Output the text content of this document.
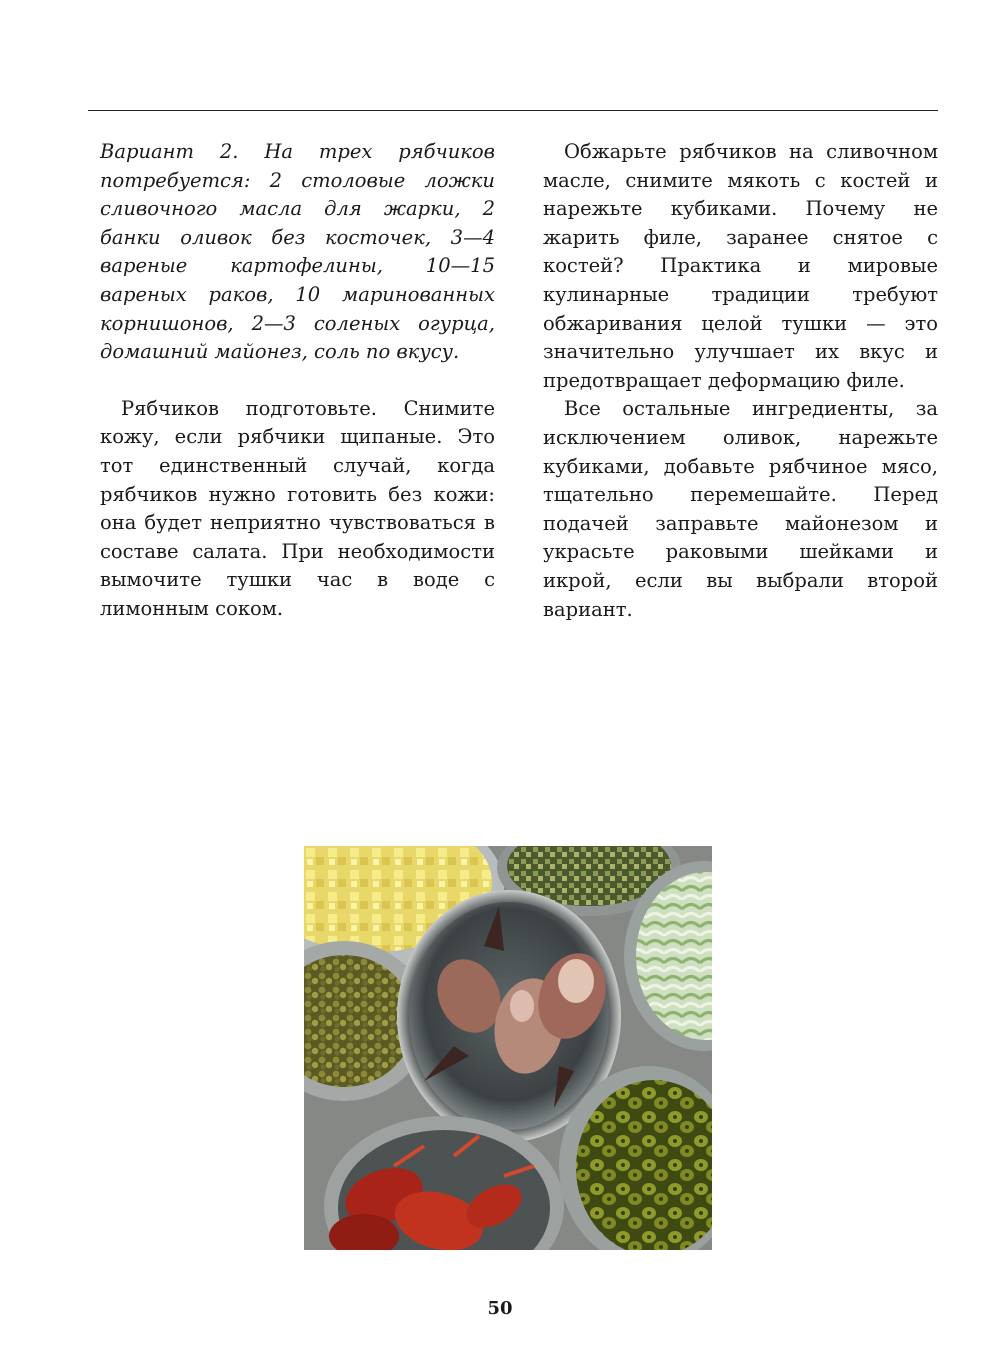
Вариант 2. На трех рябчиков потребуется: 2 столовые ложки сливочного масла для жарки, 2 банки оливок без косточек, 3—4 вареные картофелины, 10—15 вареных раков, 10 маринованных корнишонов, 2—3 соленых огурца, домашний майонез, соль по вкусу.

Рябчиков подготовьте. Снимите кожу, если рябчики щипаные. Это тот единственный случай, когда рябчиков нужно готовить без кожи: она будет неприятно чувствоваться в составе салата. При необходимости вымочите тушки час в воде с лимонным соком.

Обжарьте рябчиков на сливочном масле, снимите мякоть с костей и нарежьте кубиками. Почему не жарить филе, заранее снятое с костей? Практика и мировые кулинарные традиции требуют обжаривания целой тушки — это значительно улучшает их вкус и предотвращает деформацию филе.

Все остальные ингредиенты, за исключением оливок, нарежьте кубиками, добавьте рябчиное мясо, тщательно перемешайте. Перед подачей заправьте майонезом и украсьте раковыми шейками и икрой, если вы выбрали второй вариант.

50
